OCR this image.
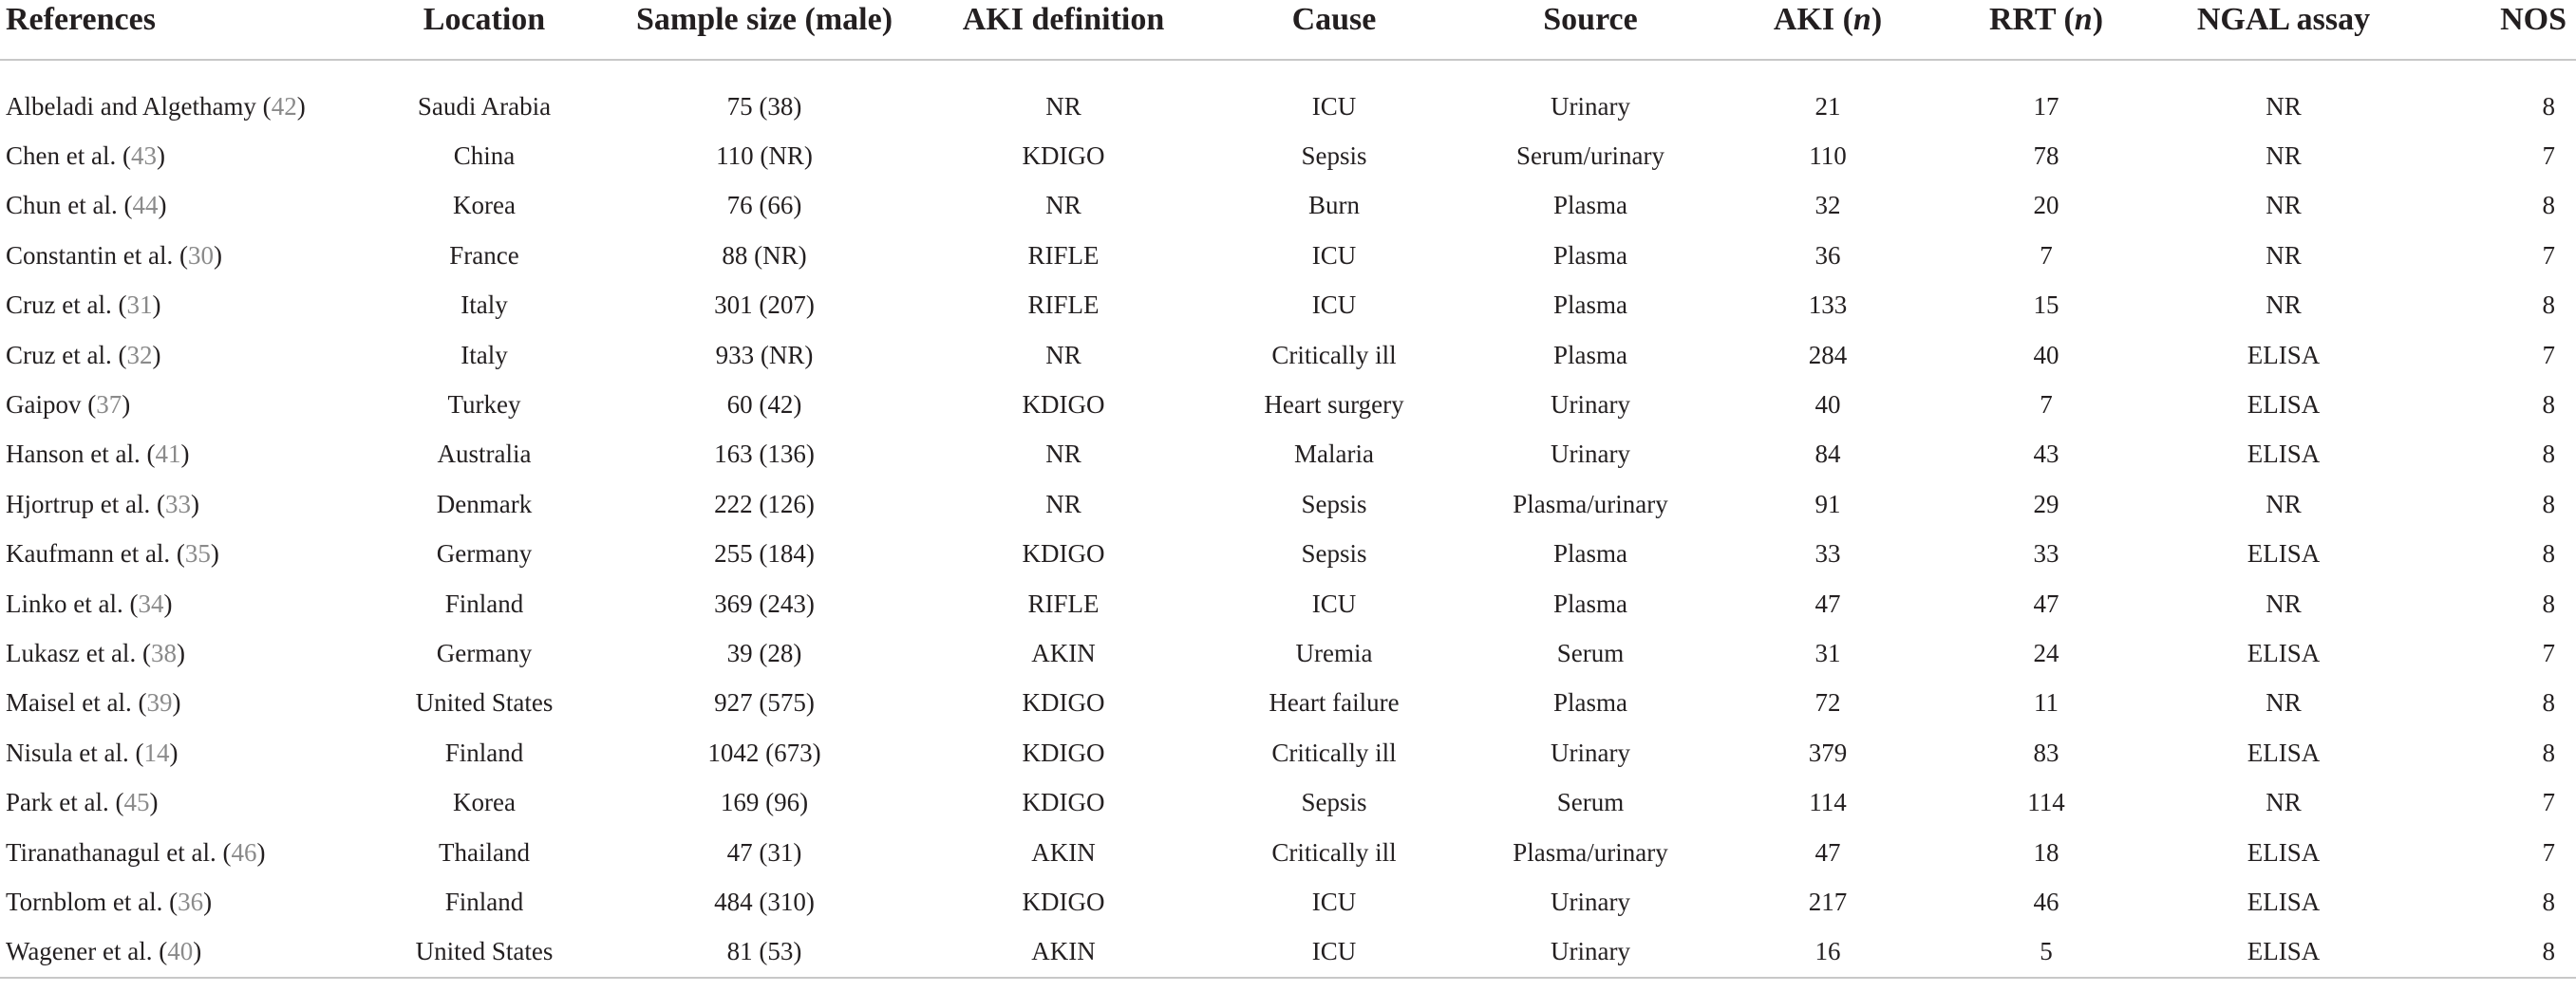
References	Location	Sample size (male)	AKI definition	Cause	Source	AKI (n)	RRT (n)	NGAL assay	NOS

Albeladi and Algethamy (42)	Saudi Arabia	75 (38)	NR	ICU	Urinary	21	17	NR	8
Chen et al. (43)	China	110 (NR)	KDIGO	Sepsis	Serum/urinary	110	78	NR	7
Chun et al. (44)	Korea	76 (66)	NR	Burn	Plasma	32	20	NR	8
Constantin et al. (30)	France	88 (NR)	RIFLE	ICU	Plasma	36	7	NR	7
Cruz et al. (31)	Italy	301 (207)	RIFLE	ICU	Plasma	133	15	NR	8
Cruz et al. (32)	Italy	933 (NR)	NR	Critically ill	Plasma	284	40	ELISA	7
Gaipov (37)	Turkey	60 (42)	KDIGO	Heart surgery	Urinary	40	7	ELISA	8
Hanson et al. (41)	Australia	163 (136)	NR	Malaria	Urinary	84	43	ELISA	8
Hjortrup et al. (33)	Denmark	222 (126)	NR	Sepsis	Plasma/urinary	91	29	NR	8
Kaufmann et al. (35)	Germany	255 (184)	KDIGO	Sepsis	Plasma	33	33	ELISA	8
Linko et al. (34)	Finland	369 (243)	RIFLE	ICU	Plasma	47	47	NR	8
Lukasz et al. (38)	Germany	39 (28)	AKIN	Uremia	Serum	31	24	ELISA	7
Maisel et al. (39)	United States	927 (575)	KDIGO	Heart failure	Plasma	72	11	NR	8
Nisula et al. (14)	Finland	1042 (673)	KDIGO	Critically ill	Urinary	379	83	ELISA	8
Park et al. (45)	Korea	169 (96)	KDIGO	Sepsis	Serum	114	114	NR	7
Tiranathanagul et al. (46)	Thailand	47 (31)	AKIN	Critically ill	Plasma/urinary	47	18	ELISA	7
Tornblom et al. (36)	Finland	484 (310)	KDIGO	ICU	Urinary	217	46	ELISA	8
Wagener et al. (40)	United States	81 (53)	AKIN	ICU	Urinary	16	5	ELISA	8
